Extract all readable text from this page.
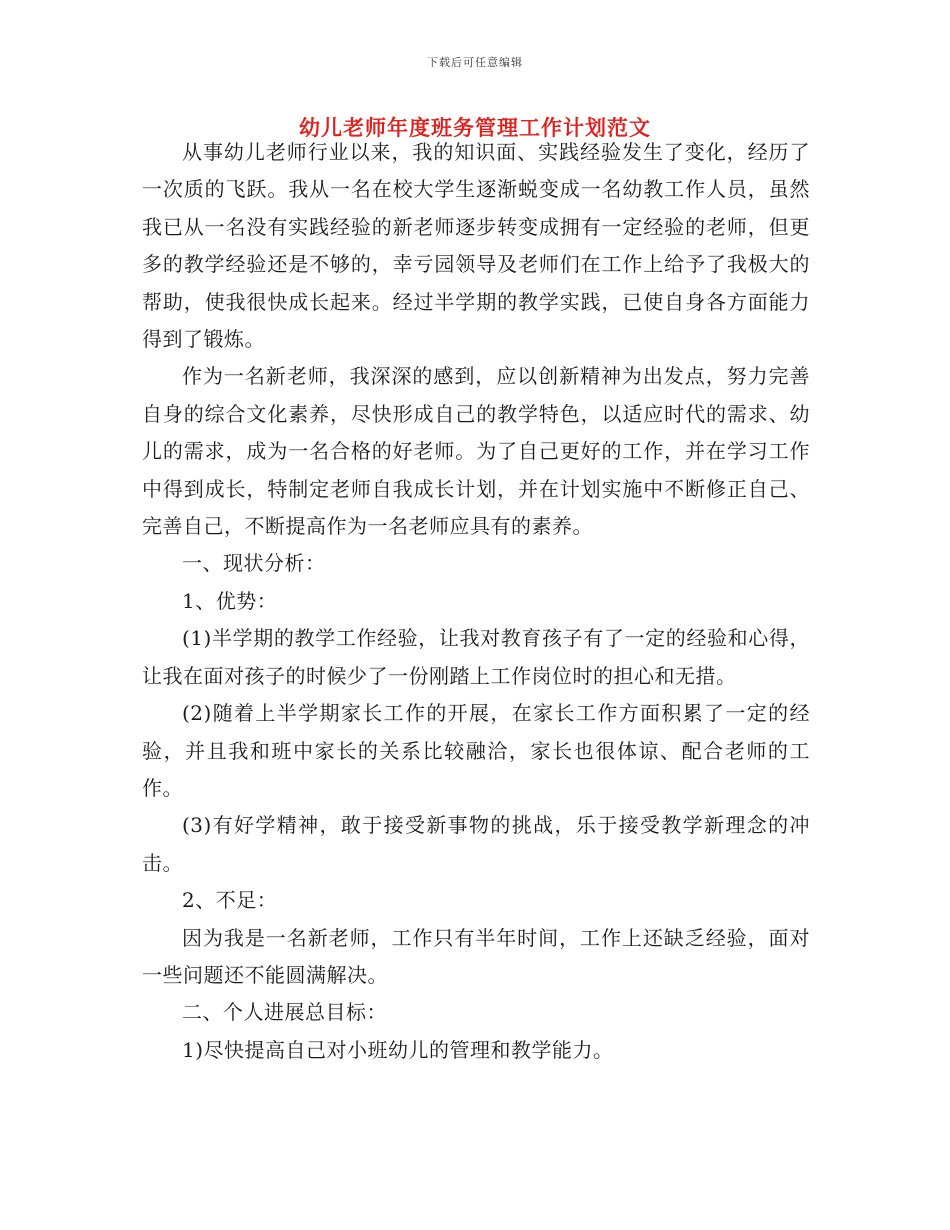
下载后可任意编辑
幼儿老师年度班务管理工作计划范文

从事幼儿老师行业以来，我的知识面、实践经验发生了变化，经历了一次质的飞跃。我从一名在校大学生逐渐蜕变成一名幼教工作人员，虽然我已从一名没有实践经验的新老师逐步转变成拥有一定经验的老师，但更多的教学经验还是不够的，幸亏园领导及老师们在工作上给予了我极大的帮助，使我很快成长起来。经过半学期的教学实践，已使自身各方面能力得到了锻炼。

作为一名新老师，我深深的感到，应以创新精神为出发点，努力完善自身的综合文化素养，尽快形成自己的教学特色，以适应时代的需求、幼儿的需求，成为一名合格的好老师。为了自己更好的工作，并在学习工作中得到成长，特制定老师自我成长计划，并在计划实施中不断修正自己、完善自己，不断提高作为一名老师应具有的素养。

一、现状分析：

1、优势：

(1)半学期的教学工作经验，让我对教育孩子有了一定的经验和心得，让我在面对孩子的时候少了一份刚踏上工作岗位时的担心和无措。

(2)随着上半学期家长工作的开展，在家长工作方面积累了一定的经验，并且我和班中家长的关系比较融洽，家长也很体谅、配合老师的工作。

(3)有好学精神，敢于接受新事物的挑战，乐于接受教学新理念的冲击。

2、不足：

因为我是一名新老师，工作只有半年时间，工作上还缺乏经验，面对一些问题还不能圆满解决。

二、个人进展总目标：

1)尽快提高自己对小班幼儿的管理和教学能力。
